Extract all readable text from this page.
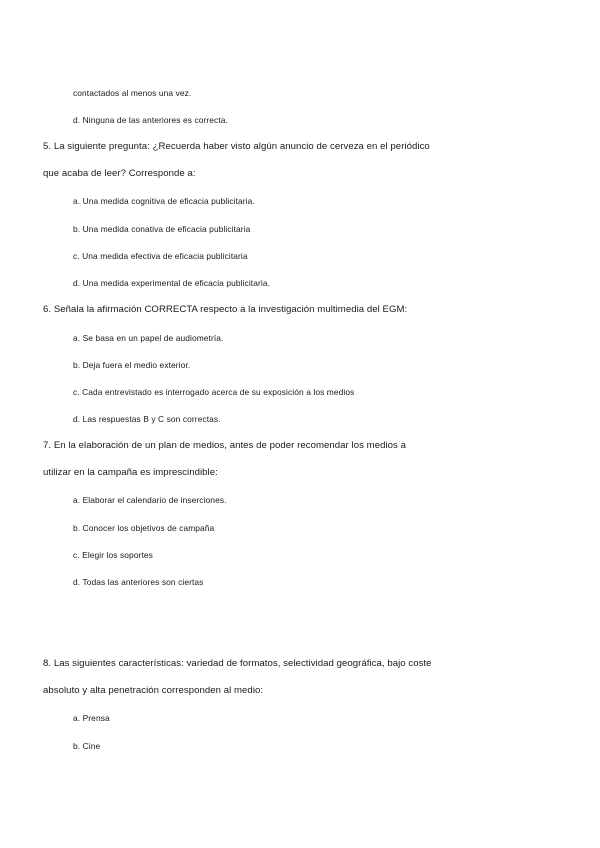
contactados al menos una vez.
d. Ninguna de las anteriores es correcta.
5. La siguiente pregunta: ¿Recuerda haber visto algún anuncio de cerveza en el periódico
que acaba de leer? Corresponde a:
a. Una medida cognitiva de eficacia publicitaria.
b. Una medida conativa de eficacia publicitaria
c. Una medida efectiva de eficacia publicitaria
d. Una medida experimental de eficacia publicitaria.
6. Señala la afirmación CORRECTA respecto a la investigación multimedia del EGM:
a. Se basa en un papel de audiometría.
b. Deja fuera el medio exterior.
c. Cada entrevistado es interrogado acerca de su exposición a los medios
d. Las respuestas B y C son correctas.
7. En la elaboración de un plan de medios, antes de poder recomendar los medios a
utilizar en la campaña es imprescindible:
a. Elaborar el calendario de inserciones.
b. Conocer los objetivos de campaña
c. Elegir los soportes
d. Todas las anteriores son ciertas
8. Las siguientes características: variedad de formatos, selectividad geográfica, bajo coste
absoluto y alta penetración corresponden al medio:
a. Prensa
b. Cine
